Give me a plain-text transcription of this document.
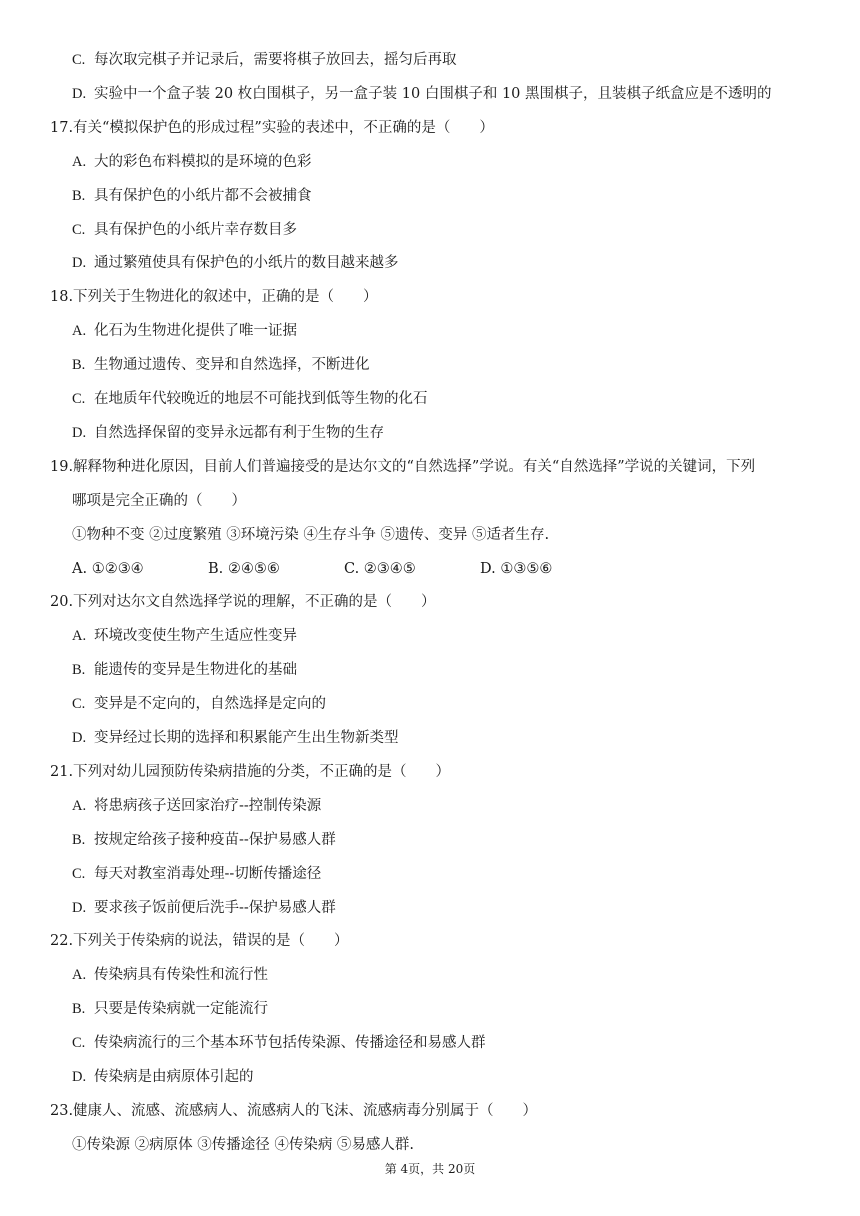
C. 每次取完棋子并记录后，需要将棋子放回去，摇匀后再取
D. 实验中一个盒子装 20 枚白围棋子，另一盒子装 10 白围棋子和 10 黑围棋子，且装棋子纸盒应是不透明的
17.有关“模拟保护色的形成过程”实验的表述中，不正确的是（　　）
A. 大的彩色布料模拟的是环境的色彩
B. 具有保护色的小纸片都不会被捕食
C. 具有保护色的小纸片幸存数目多
D. 通过繁殖使具有保护色的小纸片的数目越来越多
18.下列关于生物进化的叙述中，正确的是（　　）
A. 化石为生物进化提供了唯一证据
B. 生物通过遗传、变异和自然选择，不断进化
C. 在地质年代较晚近的地层不可能找到低等生物的化石
D. 自然选择保留的变异永远都有利于生物的生存
19.解释物种进化原因，目前人们普遍接受的是达尔文的“自然选择”学说。有关“自然选择”学说的关键词，下列
哪项是完全正确的（　　）
①物种不变 ②过度繁殖 ③环境污染 ④生存斗争 ⑤遗传、变异 ⑤适者生存.
A. ①②③④	B. ②④⑤⑥	C. ②③④⑤	D. ①③⑤⑥
20.下列对达尔文自然选择学说的理解，不正确的是（　　）
A. 环境改变使生物产生适应性变异
B. 能遗传的变异是生物进化的基础
C. 变异是不定向的，自然选择是定向的
D. 变异经过长期的选择和积累能产生出生物新类型
21.下列对幼儿园预防传染病措施的分类，不正确的是（　　）
A. 将患病孩子送回家治疗--控制传染源
B. 按规定给孩子接种疫苗--保护易感人群
C. 每天对教室消毒处理--切断传播途径
D. 要求孩子饭前便后洗手--保护易感人群
22.下列关于传染病的说法，错误的是（　　）
A. 传染病具有传染性和流行性
B. 只要是传染病就一定能流行
C. 传染病流行的三个基本环节包括传染源、传播途径和易感人群
D. 传染病是由病原体引起的
23.健康人、流感、流感病人、流感病人的飞沫、流感病毒分别属于（　　）
①传染源 ②病原体 ③传播途径 ④传染病 ⑤易感人群.
第 4页，共 20页
